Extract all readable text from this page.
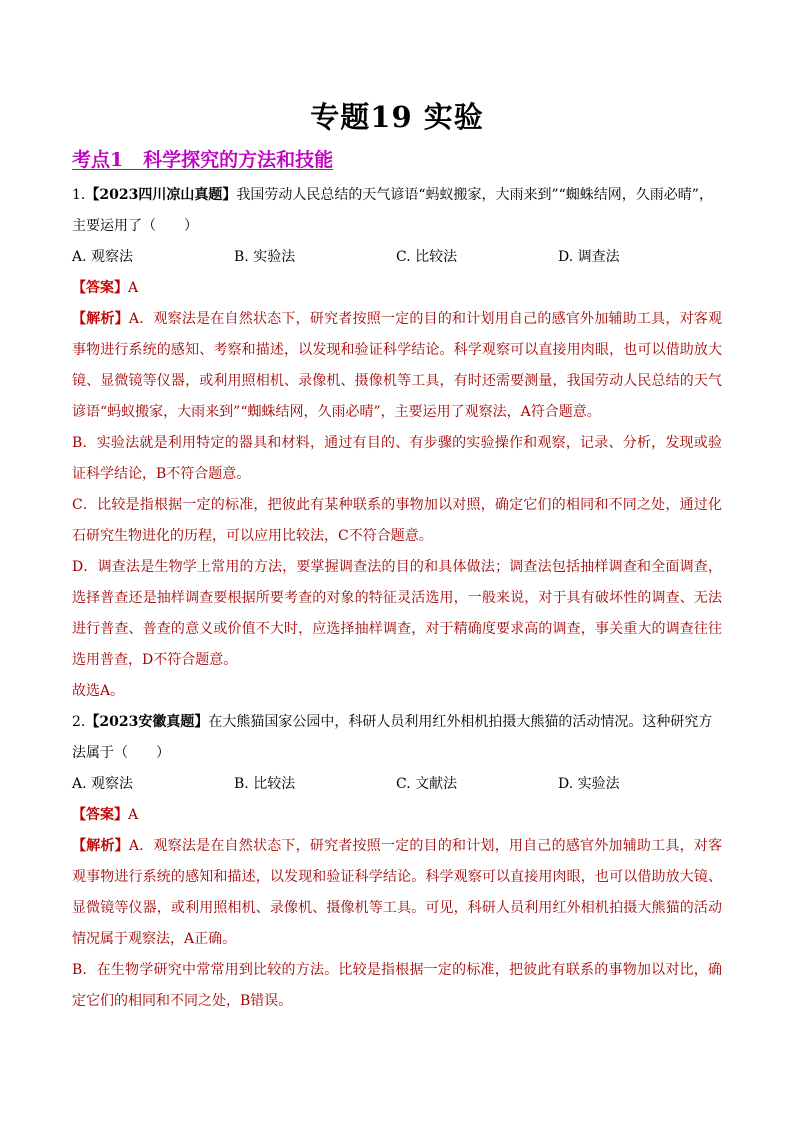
专题19 实验
考点1   科学探究的方法和技能

1.【2023四川凉山真题】我国劳动人民总结的天气谚语“蚂蚁搬家，大雨来到”“蜘蛛结网，久雨必晴”，主要运用了（　　）

A. 观察法	B. 实验法	C. 比较法	D. 调查法

【答案】A

【解析】A．观察法是在自然状态下，研究者按照一定的目的和计划用自己的感官外加辅助工具，对客观事物进行系统的感知、考察和描述，以发现和验证科学结论。科学观察可以直接用肉眼，也可以借助放大镜、显微镜等仪器，或利用照相机、录像机、摄像机等工具，有时还需要测量，我国劳动人民总结的天气谚语“蚂蚁搬家，大雨来到”“蜘蛛结网，久雨必晴”，主要运用了观察法，A符合题意。

B．实验法就是利用特定的器具和材料，通过有目的、有步骤的实验操作和观察，记录、分析，发现或验证科学结论，B不符合题意。

C．比较是指根据一定的标准，把彼此有某种联系的事物加以对照，确定它们的相同和不同之处，通过化石研究生物进化的历程，可以应用比较法，C不符合题意。

D．调查法是生物学上常用的方法，要掌握调查法的目的和具体做法；调查法包括抽样调查和全面调查，选择普查还是抽样调查要根据所要考查的对象的特征灵活选用，一般来说，对于具有破坏性的调查、无法进行普查、普查的意义或价值不大时，应选择抽样调查，对于精确度要求高的调查，事关重大的调查往往选用普查，D不符合题意。

故选A。

2.【2023安徽真题】在大熊猫国家公园中，科研人员利用红外相机拍摄大熊猫的活动情况。这种研究方法属于（　　）

A. 观察法	B. 比较法	C. 文献法	D. 实验法

【答案】A

【解析】A．观察法是在自然状态下，研究者按照一定的目的和计划，用自己的感官外加辅助工具，对客观事物进行系统的感知和描述，以发现和验证科学结论。科学观察可以直接用肉眼，也可以借助放大镜、显微镜等仪器，或利用照相机、录像机、摄像机等工具。可见，科研人员利用红外相机拍摄大熊猫的活动情况属于观察法，A正确。

B．在生物学研究中常常用到比较的方法。比较是指根据一定的标准，把彼此有联系的事物加以对比，确定它们的相同和不同之处，B错误。
